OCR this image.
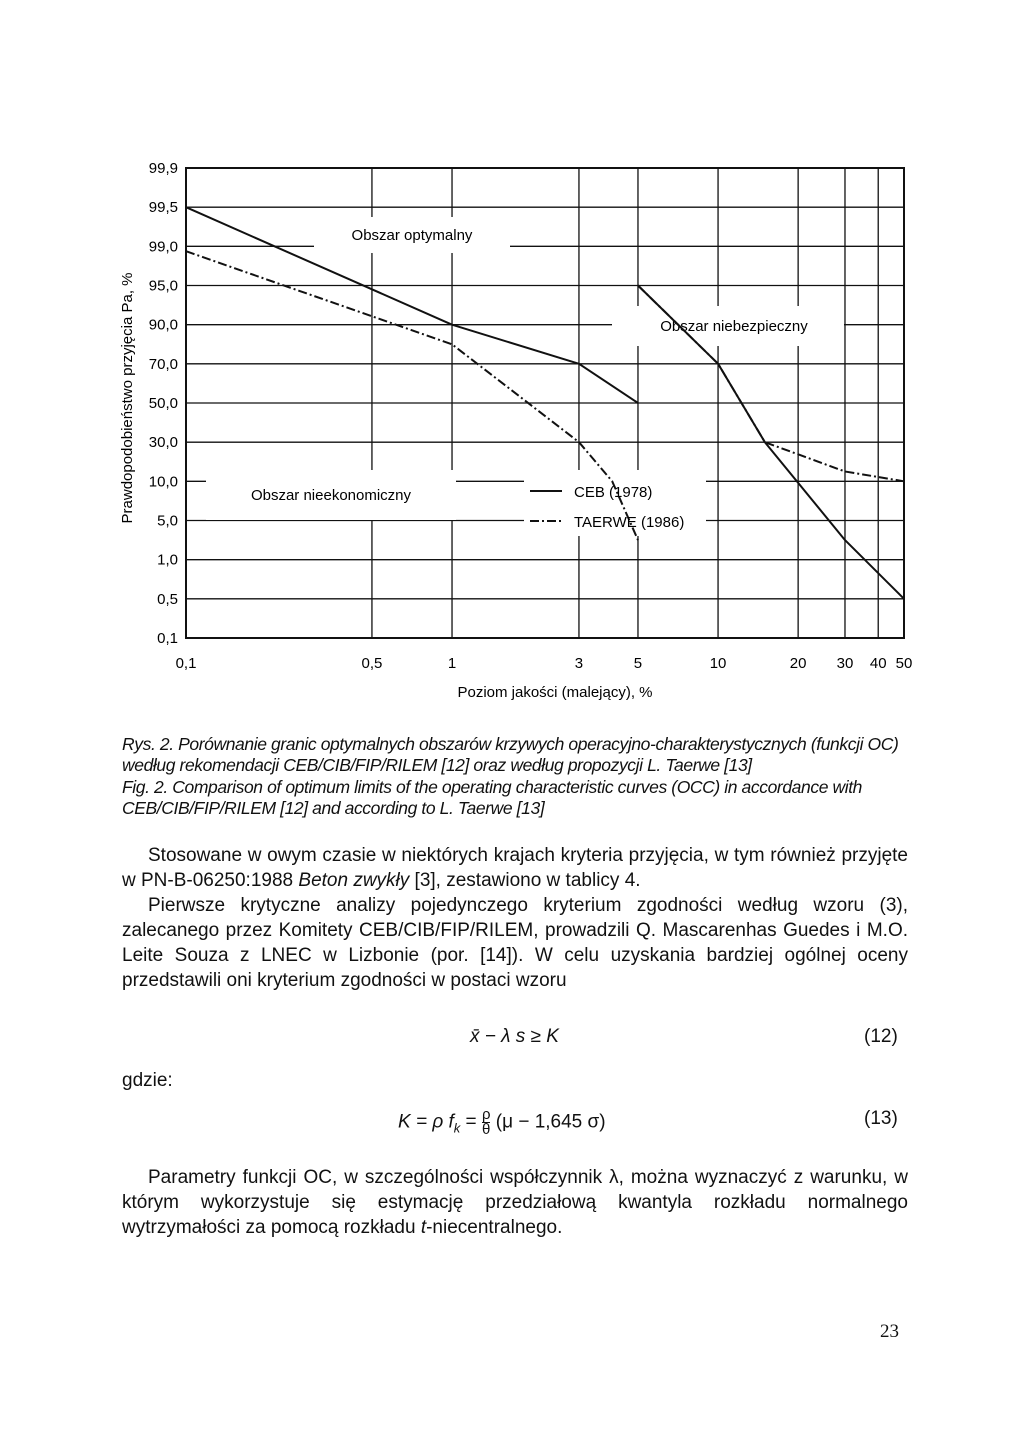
99,9
99,5
99,0
95,0
90,0
70,0
50,0
30,0
10,0
5,0
1,0
0,5
0,1
0,1	0,5	1	3	5	10	20 30 40 50
Prawdopodobieństwo przyjęcia Pa, %
Poziom jakości (malejący), %
Obszar optymalny
Obszar niebezpieczny
Obszar nieekonomiczny	CEB (1978)
TAERWE (1986)
Rys. 2. Porównanie granic optymalnych obszarów krzywych operacyjno-charakterystycznych (funkcji OC) według rekomendacji CEB/CIB/FIP/RILEM [12] oraz według propozycji L. Taerwe [13]
Fig. 2. Comparison of optimum limits of the operating characteristic curves (OCC) in accordance with CEB/CIB/FIP/RILEM [12] and according to L. Taerwe [13]

Stosowane w owym czasie w niektórych krajach kryteria przyjęcia, w tym również przyjęte w PN-B-06250:1988 Beton zwykły [3], zestawiono w tablicy 4.

Pierwsze krytyczne analizy pojedynczego kryterium zgodności według wzoru (3), zalecanego przez Komitety CEB/CIB/FIP/RILEM, prowadzili Q. Mascarenhas Guedes i M.O. Leite Souza z LNEC w Lizbonie (por. [14]). W celu uzyskania bardziej ogólnej oceny przedstawili oni kryterium zgodności w postaci wzoru

x̄ − λ s ≥ K	(12)
gdzie:
K = ρ $f_k = \frac{\rho}{\theta} (\mu - 1,645$ σ)	(13)

Parametry funkcji OC, w szczególności współczynnik λ, można wyznaczyć z warunku, w którym wykorzystuje się estymację przedziałową kwantyla rozkładu normalnego wytrzymałości za pomocą rozkładu t-niecentralnego.

23
